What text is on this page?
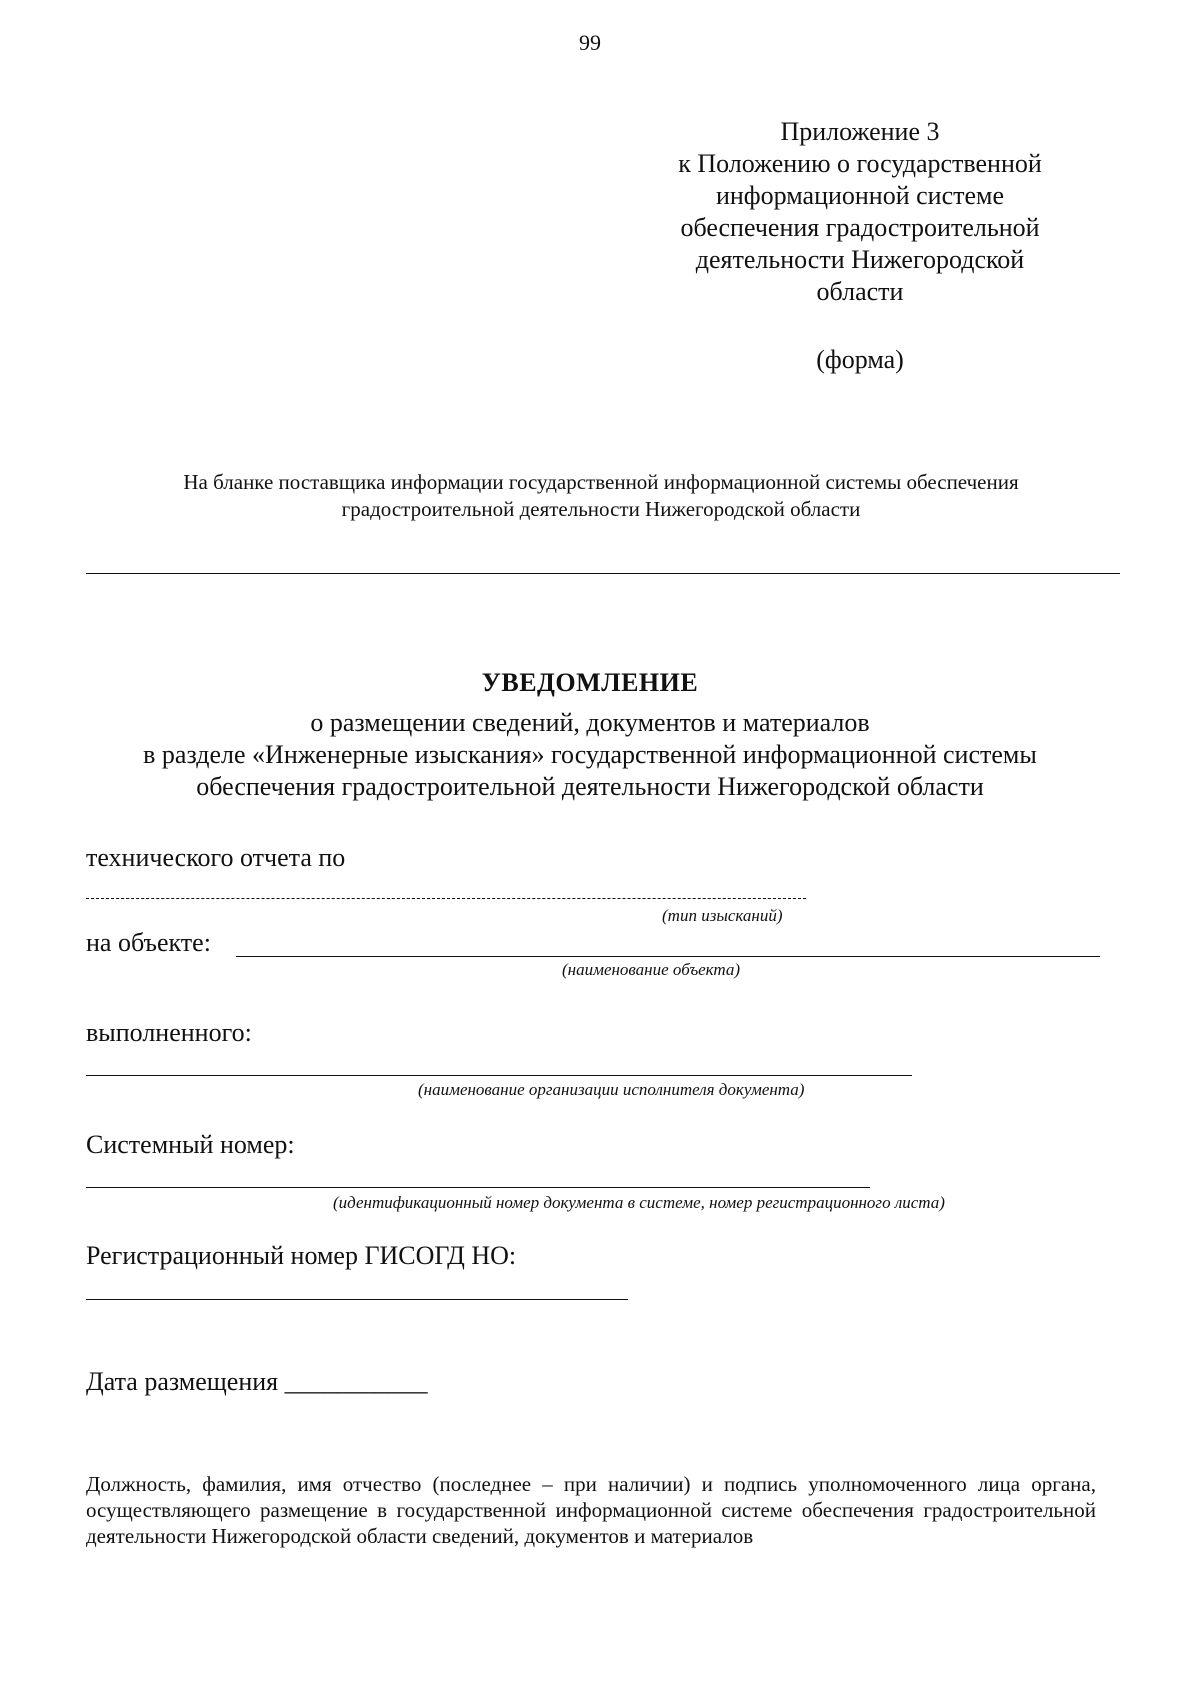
99

Приложение 3
к Положению о государственной
информационной системе
обеспечения градостроительной
деятельности Нижегородской
области

(форма)

На бланке поставщика информации государственной информационной системы обеспечения
градостроительной деятельности Нижегородской области

УВЕДОМЛЕНИЕ

о размещении сведений, документов и материалов
в разделе «Инженерные изыскания» государственной информационной системы
обеспечения градостроительной деятельности Нижегородской области
технического отчета по
(тип изысканий)
на объекте:
(наименование объекта)
выполненного:
(наименование организации исполнителя документа)
Системный номер:
(идентификационный номер документа в системе, номер регистрационного листа)
Регистрационный номер ГИСОГД НО:
Дата размещения ___________

Должность, фамилия, имя отчество (последнее – при наличии) и подпись уполномоченного лица органа, осуществляющего размещение в государственной информационной системе обеспечения градостроительной деятельности Нижегородской области сведений, документов и материалов
